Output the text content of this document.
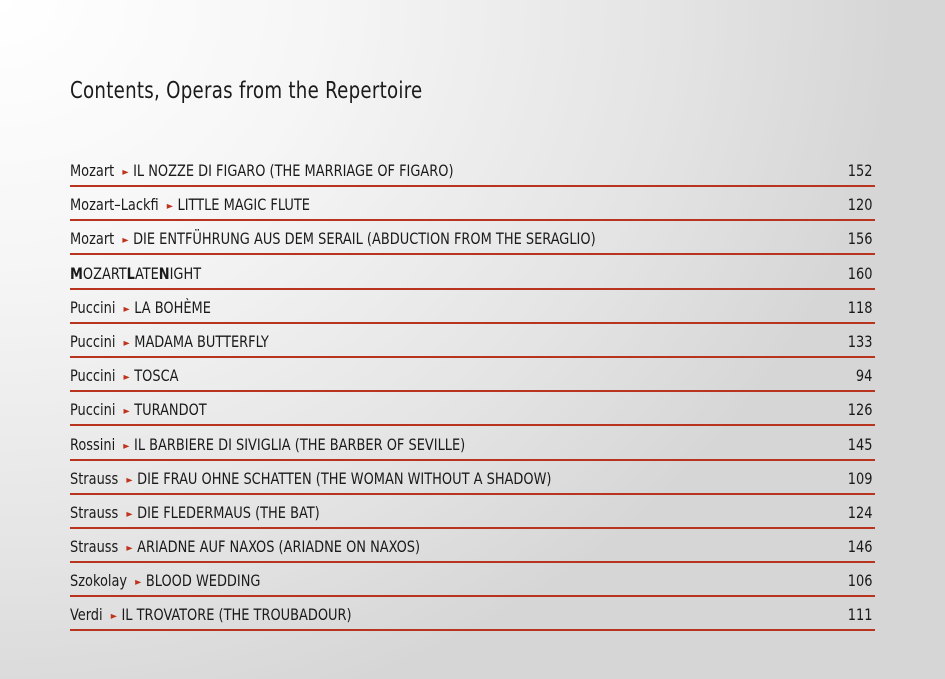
Contents, Operas from the Repertoire
Mozart ► IL NOZZE DI FIGARO (THE MARRIAGE OF FIGARO)	152
Mozart–Lackfi ► LITTLE MAGIC FLUTE	120
Mozart ► DIE ENTFÜHRUNG AUS DEM SERAIL (ABDUCTION FROM THE SERAGLIO)	156
MOZARTLATENIGHT	160
Puccini ► LA BOHÈME	118
Puccini ► MADAMA BUTTERFLY	133
Puccini ► TOSCA	94
Puccini ► TURANDOT	126
Rossini ► IL BARBIERE DI SIVIGLIA (THE BARBER OF SEVILLE)	145
Strauss ► DIE FRAU OHNE SCHATTEN (THE WOMAN WITHOUT A SHADOW)	109
Strauss ► DIE FLEDERMAUS (THE BAT)	124
Strauss ► ARIADNE AUF NAXOS (ARIADNE ON NAXOS)	146
Szokolay ► BLOOD WEDDING	106
Verdi ► IL TROVATORE (THE TROUBADOUR)	111
